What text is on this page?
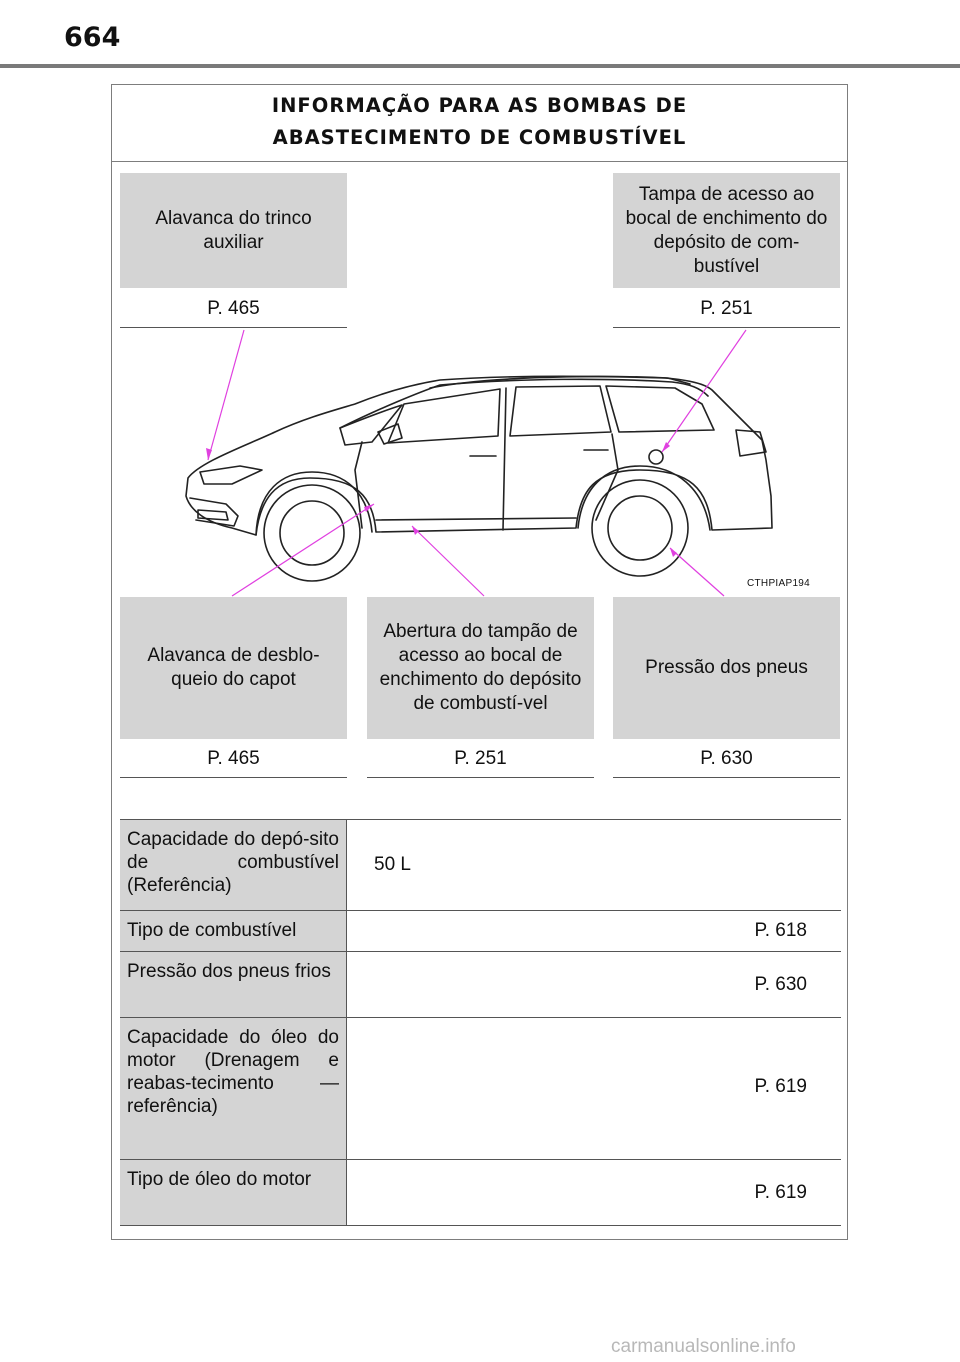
664
INFORMAÇÃO PARA AS BOMBAS DE
ABASTECIMENTO DE COMBUSTÍVEL
Alavanca do trinco auxiliar
P. 465
Tampa de acesso ao bocal de enchimento do depósito de com-bustível
P. 251
CTHPIAP194
Alavanca de desblo-queio do capot
P. 465
Abertura do tampão de acesso ao bocal de enchimento do depósito de combustí-vel
P. 251
Pressão dos pneus
P. 630
Capacidade do depó-sito de combustível (Referência)
50 L
Tipo de combustível	P. 618
Pressão dos pneus frios
P. 630
Capacidade do óleo do motor (Drenagem e reabas-tecimento — referência)
P. 619
Tipo de óleo do motor
P. 619
carmanualsonline.info
